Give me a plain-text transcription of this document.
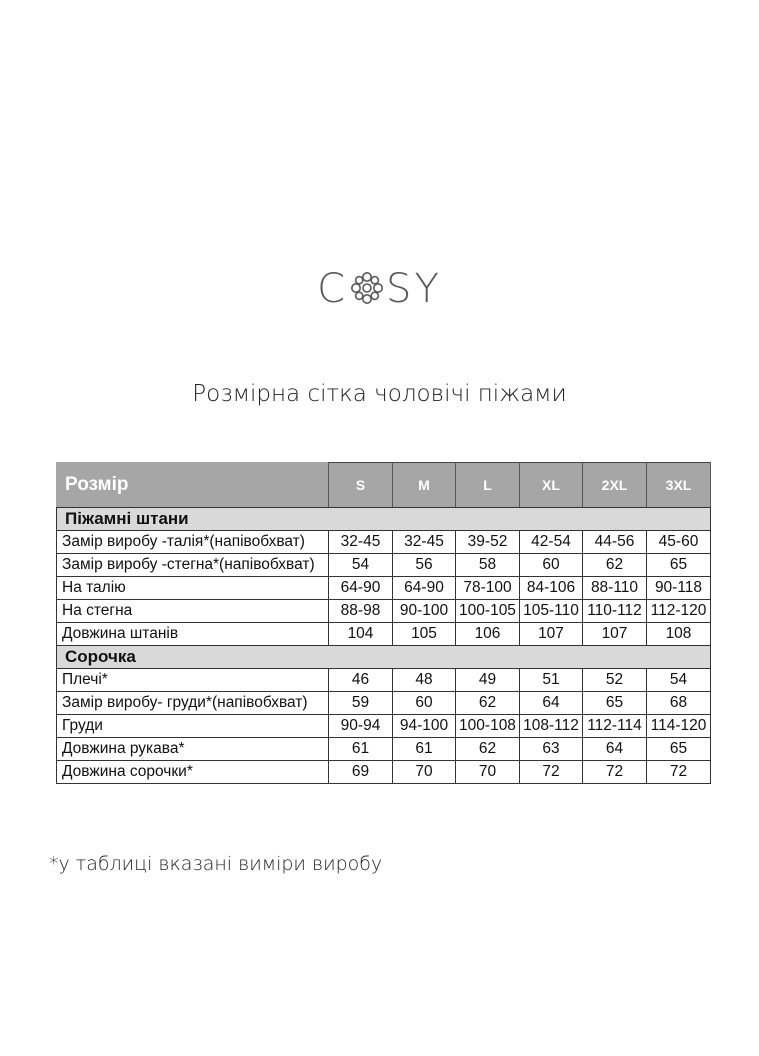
C SY
Розмірна сітка чоловічі піжами
Розмір	S	M	L	XL	2XL	3XL
Піжамні штани						
Замір виробу -талія*(напівобхват)	32-45	32-45	39-52	42-54	44-56	45-60
Замір виробу -стегна*(напівобхват)	54	56	58	60	62	65
На талію	64-90	64-90	78-100	84-106	88-110	90-118
На стегна	88-98	90-100	100-105	105-110	110-112	112-120
Довжина штанів	104	105	106	107	107	108
Сорочка						
Плечі*	46	48	49	51	52	54
Замір виробу- груди*(напівобхват)	59	60	62	64	65	68
Груди	90-94	94-100	100-108	108-112	112-114	114-120
Довжина рукава*	61	61	62	63	64	65
Довжина сорочки*	69	70	70	72	72	72
*у таблиці вказані виміри виробу
